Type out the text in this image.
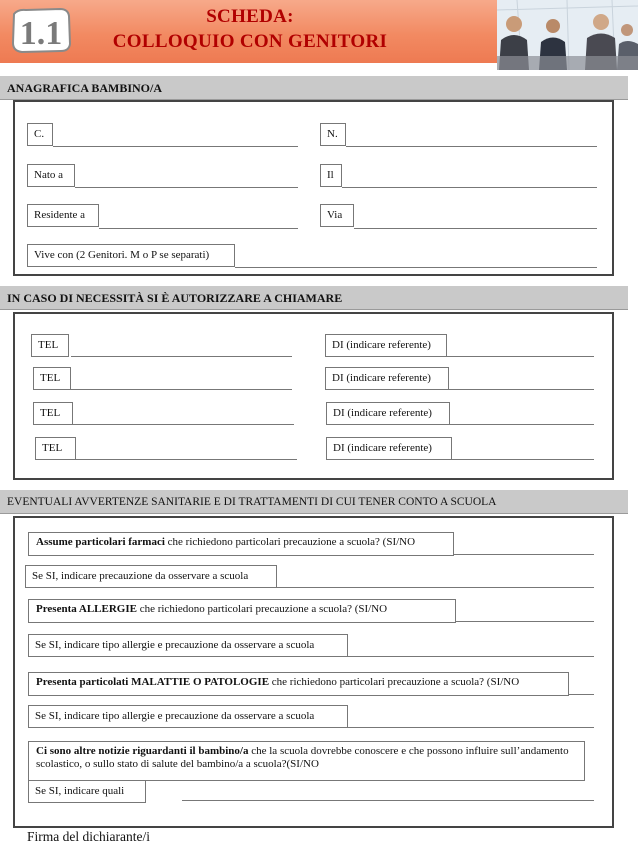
1.1	SCHEDA:
COLLOQUIO CON GENITORI
ANAGRAFICA BAMBINO/A
C.	N.
Nato a	Il
Residente a	Via
Vive con (2 Genitori. M o P se separati)
IN CASO DI NECESSITÀ SI È AUTORIZZARE A CHIAMARE
TEL	DI (indicare referente)
TEL	DI (indicare referente)
TEL	DI (indicare referente)
TEL	DI (indicare referente)
EVENTUALI AVVERTENZE SANITARIE E DI TRATTAMENTI DI CUI TENER CONTO A SCUOLA
Assume particolari farmaci che richiedono particolari precauzione a scuola? (SI/NO
Se SI, indicare precauzione da osservare a scuola
Presenta ALLERGIE che richiedono particolari precauzione a scuola? (SI/NO
Se SI, indicare tipo allergie e precauzione da osservare a scuola
Presenta particolati MALATTIE O PATOLOGIE che richiedono particolari precauzione a scuola? (SI/NO
Se SI, indicare tipo allergie e precauzione da osservare a scuola
Ci sono altre notizie riguardanti il bambino/a che la scuola dovrebbe conoscere e che possono influire sull’andamento scolastico, o sullo stato di salute del bambino/a a scuola?(SI/NO
Se SI, indicare quali
Firma del dichiarante/i
